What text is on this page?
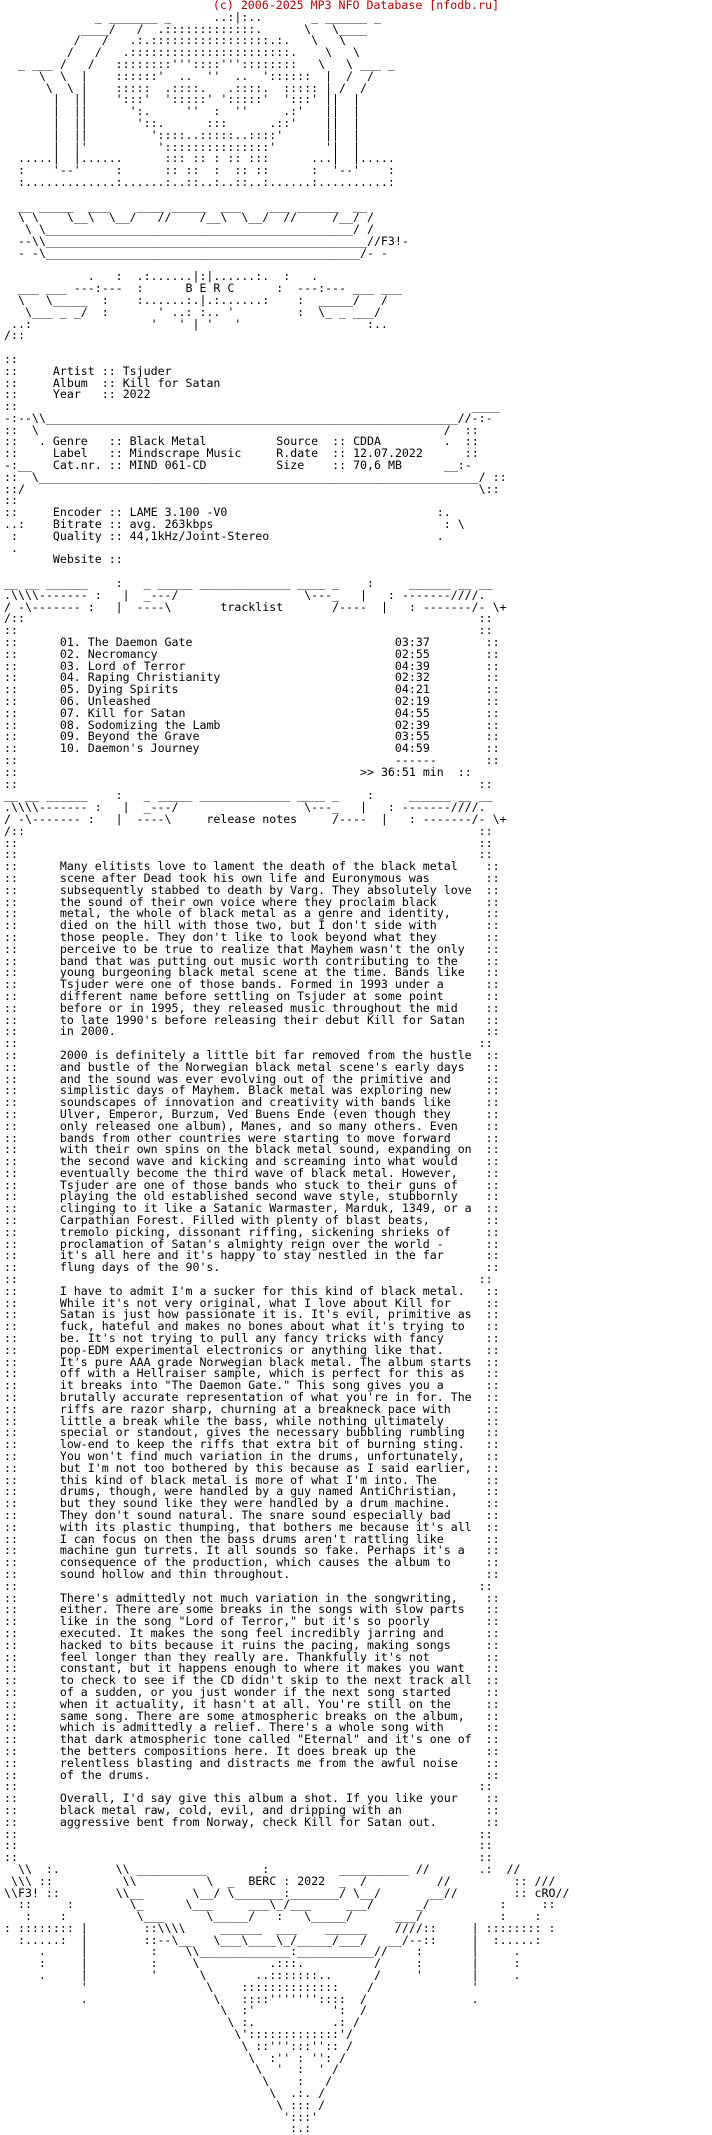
(c) 2006-2025 MP3 NFO Database [nfodb.ru]
_ _______ _      ..:|:..       _ ______ _
____/   /  .:::::::::::::.      \   \____
/   /   .:.:::::::::::::::::.:.   \   \
/   /   .:::::::::::::::::::::::.    \   \
_ ___ /   /   ::::::::'''::::'''::::::::   \   \ ___ _
\  \  |    ::::::'  ..  ''  ..  '::::::  |  /  /
\  \ |    :::::  .::::.   .::::.  ::::: | /  /
|  ||    ':::'  ':::::' ':::::'  ':::' ||  |
|  ||      ':.     ''  :  ''     .:'   ||  |
|  ||       '::.      :::      .::'    ||  |
|  ||         '::::..:::::..::::'      ||  |
|  |'          ':::::::::::::::'       '|  |
.....|  |......      ::: :: : :: :::      ...|  |.....
:    '--'     :      :: ::  :  :: ::      :  '--'    :
:.............:......:..::..:..::..:......:..........:

__ _____  ___    ____ _____  ___    ___ ______  __
\ \    \__\  \__/   //    /__\  \__/  //     /__/ /
\ \____________________________________________/ /
--\\______________________________________________//F3!-
- -\_____________________________________________/- -

.   :  .:......|:|......:.  :   .
___ ___ ---:---  :      B E R C      :  ---:--- ___ ___
\   \_____  :    :......:.|.:......:    :  _____/   /
\___ _ _/  :       ' ..: :.. '         :  \_ _ ___/
..:                 '   ' | '   '                  :..
/::

::
::	Artist :: Tsjuder
::	Album  :: Kill for Satan
::	Year   :: 2022
::                                                                 ____
-:--\\___________________________________________________________//-:-
::  \                                                          /  ::
::   . Genre   :: Black Metal	Source  :: CDDA	.  ::
::	Label   :: Mindscrape Music	R.date  :: 12.07.2022	::
-:__   Cat.nr. :: MIND 061-CD	Size    :: 70,6 MB	__:-
::  \_______________________________________________________________/ ::
::/                                                                 \::
::
::	Encoder :: LAME 3.100 -V0	:.
..:    Bitrate :: avg. 263kbps	: \
:	Quality :: 44,1kHz/Joint-Stereo	.
.
Website ::

__ __ ______    :   _ _____ _____________ ____ _    :     ______ __ __
.\\\\------- :   |  _---/                  \---_   |   : -------////.
/ -\------- :   |  ----\	tracklist	/----  |   : -------/- \+
/::                                                                 ::
::                                                                  ::

::      01. The Daemon Gate                             03:37        ::
::      02. Necromancy                                  02:55        ::
::      03. Lord of Terror                              04:39        ::
::      04. Raping Christianity                         02:32        ::
::      05. Dying Spirits                               04:21        ::
::      06. Unleashed                                   02:19        ::
::      07. Kill for Satan                              04:55        ::
::      08. Sodomizing the Lamb                         02:39        ::
::      09. Beyond the Grave                            03:55        ::
::      10. Daemon's Journey                            04:59        ::
::                                                      ------       ::
::	>> 36:51 min  ::
::                                                                  ::

__ __ ______    :   _ _____ _____________ ____ _    :     ______ __ __
.\\\\------- :   |  _---/                  \---_   |   : -------////.
/ -\------- :   |  ----\	release notes	/----  |   : -------/- \+
/::                                                                 ::
::                                                                  ::
::                                                                  ::

::      Many elitists love to lament the death of the black metal    ::
::      scene after Dead took his own life and Euronymous was        ::
::      subsequently stabbed to death by Varg. They absolutely love  ::
::      the sound of their own voice where they proclaim black       ::
::      metal, the whole of black metal as a genre and identity,     ::
::      died on the hill with those two, but I don't side with       ::
::      those people. They don't like to look beyond what they       ::
::      perceive to be true to realize that Mayhem wasn't the only   ::
::      band that was putting out music worth contributing to the    ::
::      young burgeoning black metal scene at the time. Bands like   ::
::      Tsjuder were one of those bands. Formed in 1993 under a      ::
::      different name before settling on Tsjuder at some point      ::
::      before or in 1995, they released music throughout the mid    ::
::      to late 1990's before releasing their debut Kill for Satan   ::
::      in 2000.                                                     ::
::                                                                  ::
::      2000 is definitely a little bit far removed from the hustle  ::
::      and bustle of the Norwegian black metal scene's early days   ::
::      and the sound was ever evolving out of the primitive and     ::
::      simplistic days of Mayhem. Black metal was exploring new     ::
::      soundscapes of innovation and creativity with bands like     ::
::      Ulver, Emperor, Burzum, Ved Buens Ende (even though they     ::
::      only released one album), Manes, and so many others. Even    ::
::      bands from other countries were starting to move forward     ::
::      with their own spins on the black metal sound, expanding on  ::
::      the second wave and kicking and screaming into what would    ::
::      eventually become the third wave of black metal. However,    ::
::      Tsjuder are one of those bands who stuck to their guns of    ::
::      playing the old established second wave style, stubbornly    ::
::      clinging to it like a Satanic Warmaster, Marduk, 1349, or a  ::
::      Carpathian Forest. Filled with plenty of blast beats,        ::
::      tremolo picking, dissonant riffing, sickening shrieks of     ::
::      proclamation of Satan's almighty reign over the world -      ::
::      it's all here and it's happy to stay nestled in the far      ::
::      flung days of the 90's.                                      ::
::                                                                  ::
::      I have to admit I'm a sucker for this kind of black metal.   ::
::      While it's not very original, what I love about Kill for     ::
::      Satan is just how passionate it is. It's evil, primitive as  ::
::      fuck, hateful and makes no bones about what it's trying to   ::
::      be. It's not trying to pull any fancy tricks with fancy      ::
::      pop-EDM experimental electronics or anything like that.      ::
::      It's pure AAA grade Norwegian black metal. The album starts  ::
::      off with a Hellraiser sample, which is perfect for this as   ::
::      it breaks into "The Daemon Gate." This song gives you a      ::
::      brutally accurate representation of what you're in for. The  ::
::      riffs are razor sharp, churning at a breakneck pace with     ::
::      little a break while the bass, while nothing ultimately      ::
::      special or standout, gives the necessary bubbling rumbling   ::
::      low-end to keep the riffs that extra bit of burning sting.   ::
::      You won't find much variation in the drums, unfortunately,   ::
::      but I'm not too bothered by this because as I said earlier,  ::
::      this kind of black metal is more of what I'm into. The       ::
::      drums, though, were handled by a guy named AntiChristian,    ::
::      but they sound like they were handled by a drum machine.     ::
::      They don't sound natural. The snare sound especially bad     ::
::      with its plastic thumping, that bothers me because it's all  ::
::      I can focus on then the bass drums aren't rattling like      ::
::      machine gun turrets. It all sounds so fake. Perhaps it's a   ::
::      consequence of the production, which causes the album to     ::
::      sound hollow and thin throughout.                            ::
::                                                                  ::
::      There's admittedly not much variation in the songwriting,    ::
::      either. There are some breaks in the songs with slow parts   ::
::      like in the song "Lord of Terror," but it's so poorly        ::
::      executed. It makes the song feel incredibly jarring and      ::
::      hacked to bits because it ruins the pacing, making songs     ::
::      feel longer than they really are. Thankfully it's not        ::
::      constant, but it happens enough to where it makes you want   ::
::      to check to see if the CD didn't skip to the next track all  ::
::      of a sudden, or you just wonder if the next song started     ::
::      when it actuality, it hasn't at all. You're still on the     ::
::      same song. There are some atmospheric breaks on the album,   ::
::      which is admittedly a relief. There's a whole song with      ::
::      that dark atmospheric tone called "Eternal" and it's one of  ::
::      the betters compositions here. It does break up the          ::
::      relentless blasting and distracts me from the awful noise    ::
::      of the drums.                                                ::
::                                                                  ::
::      Overall, I'd say give this album a shot. If you like your    ::
::      black metal raw, cold, evil, and dripping with an            ::
::      aggressive bent from Norway, check Kill for Satan out.       ::
::                                                                  ::
::                                                                  ::
::                                                                  ::
\\  :.        \\ __________        :          __________ //       .:  //
\\\ ::          \\          \  _  BERC : 2022  _  /          //         :: ///
\\F3! ::        \\__       \__/ \_______:_______/ \__/       __//        :: cRO//
::     :        \_      \___     ___\_/___     ___/      _/          :     ::
:    :          \___      \_____/   :   \_____/      ___/           :    :
: :::::::: |        ::\\\\     ______  ___    ______    ////::     | :::::::: :
:.....:  |        ::--\__   \___\____\_/_____/___/   __/--::     |  :.....:
.     |         :    \\_____________:___________//    :       |     .
:     |         :     \          .:::.          /     :       |     :
.     |         '      \       ..:::::::..      /     '       |     .
'                 \    ::::::::::::::    /              '
.                  \   ::::'''''''::::  /               .
\  :'           ':  /
\ :.           .: /
\':::::::::::::'/
\ ::''':::'':: /
\  :'' : '': /
\  '  :  ' /
\    :   /
\  .:. /
\ ::: /
':::'
:.:
